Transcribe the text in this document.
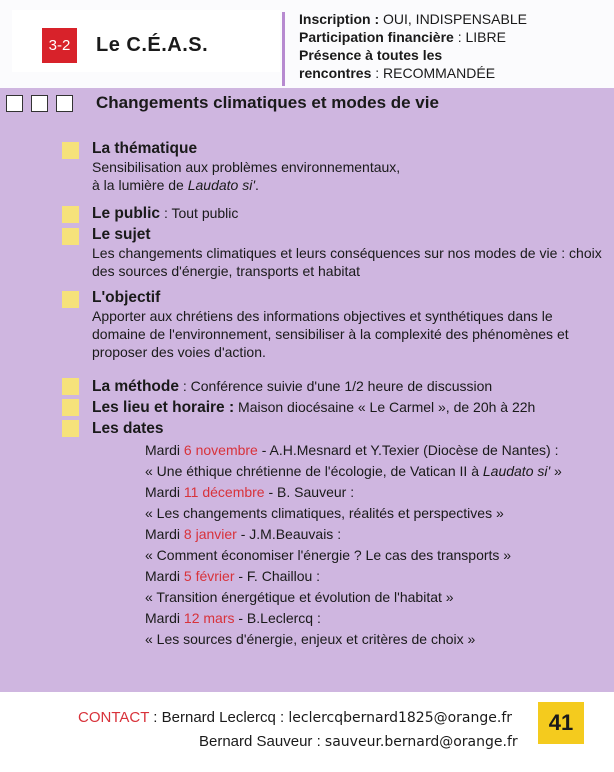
3-2	Le C.É.A.S.
Inscription : OUI, INDISPENSABLE
Participation financière : LIBRE
Présence à toutes les
rencontres : RECOMMANDÉE
Changements climatiques et modes de vie
La thématique
Sensibilisation aux problèmes environnementaux,
à la lumière de Laudato si'.
Le public : Tout public
Le sujet
Les changements climatiques et leurs conséquences sur nos modes de vie : choix des sources d'énergie, transports et habitat
L'objectif
Apporter aux chrétiens des informations objectives et synthétiques dans le domaine de l'environnement, sensibiliser à la complexité des phénomènes et proposer des voies d'action.
La méthode : Conférence suivie d'une 1/2 heure de discussion
Les lieu et horaire : Maison diocésaine « Le Carmel », de 20h à 22h
Les dates
Mardi 6 novembre - A.H.Mesnard et Y.Texier (Diocèse de Nantes) :
« Une éthique chrétienne de l'écologie, de Vatican II à Laudato si' »
Mardi 11 décembre - B. Sauveur :
« Les changements climatiques, réalités et perspectives »
Mardi 8 janvier - J.M.Beauvais :
« Comment économiser l'énergie ? Le cas des transports »
Mardi 5 février - F. Chaillou :
« Transition énergétique et évolution de l'habitat »
Mardi 12 mars - B.Leclercq :
« Les sources d'énergie, enjeux et critères de choix »
CONTACT : Bernard Leclercq : leclercqbernard1825@orange.fr
Bernard Sauveur : sauveur.bernard@orange.fr
41
